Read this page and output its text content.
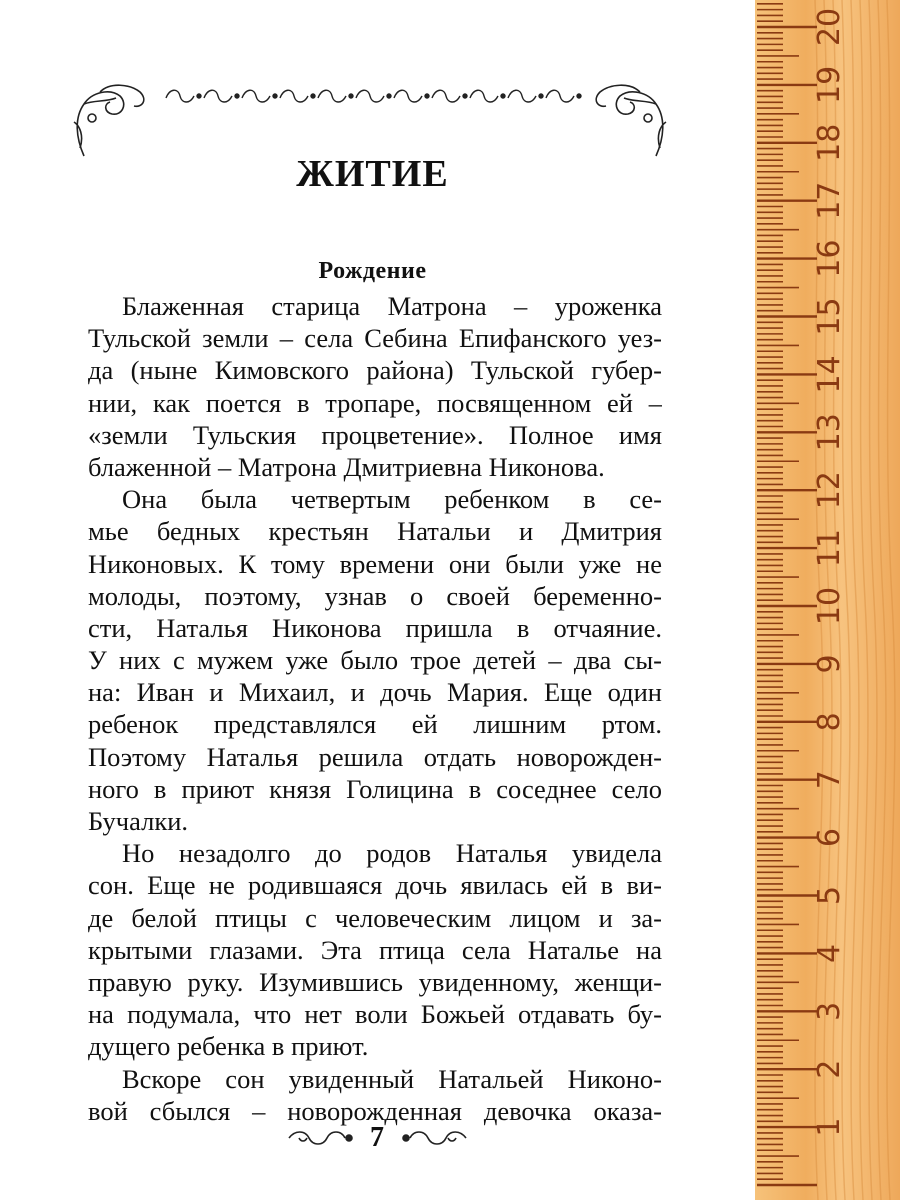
ЖИТИЕ
Рождение
Блаженная старица Матрона – уроженка
Тульской земли – села Себина Епифанского уез-
да (ныне Кимовского района) Тульской губер-
нии, как поется в тропаре, посвященном ей –
«земли Тульския процветение». Полное имя
блаженной – Матрона Дмитриевна Никонова.
Она была четвертым ребенком в се-
мье бедных крестьян Натальи и Дмитрия
Никоновых. К тому времени они были уже не
молоды, поэтому, узнав о своей беременно-
сти, Наталья Никонова пришла в отчаяние.
У них с мужем уже было трое детей – два сы-
на: Иван и Михаил, и дочь Мария. Еще один
ребенок представлялся ей лишним ртом.
Поэтому Наталья решила отдать новорожден-
ного в приют князя Голицина в соседнее село
Бучалки.
Но незадолго до родов Наталья увидела
сон. Еще не родившаяся дочь явилась ей в ви-
де белой птицы с человеческим лицом и за-
крытыми глазами. Эта птица села Наталье на
правую руку. Изумившись увиденному, женщи-
на подумала, что нет воли Божьей отдавать бу-
дущего ребенка в приют.
Вскоре сон увиденный Натальей Никоно-
вой сбылся – новорожденная девочка оказа-
7	1
2
3
4
5
6
7
8
9
10
11
12
13
14
15
16
17
18
19
20
